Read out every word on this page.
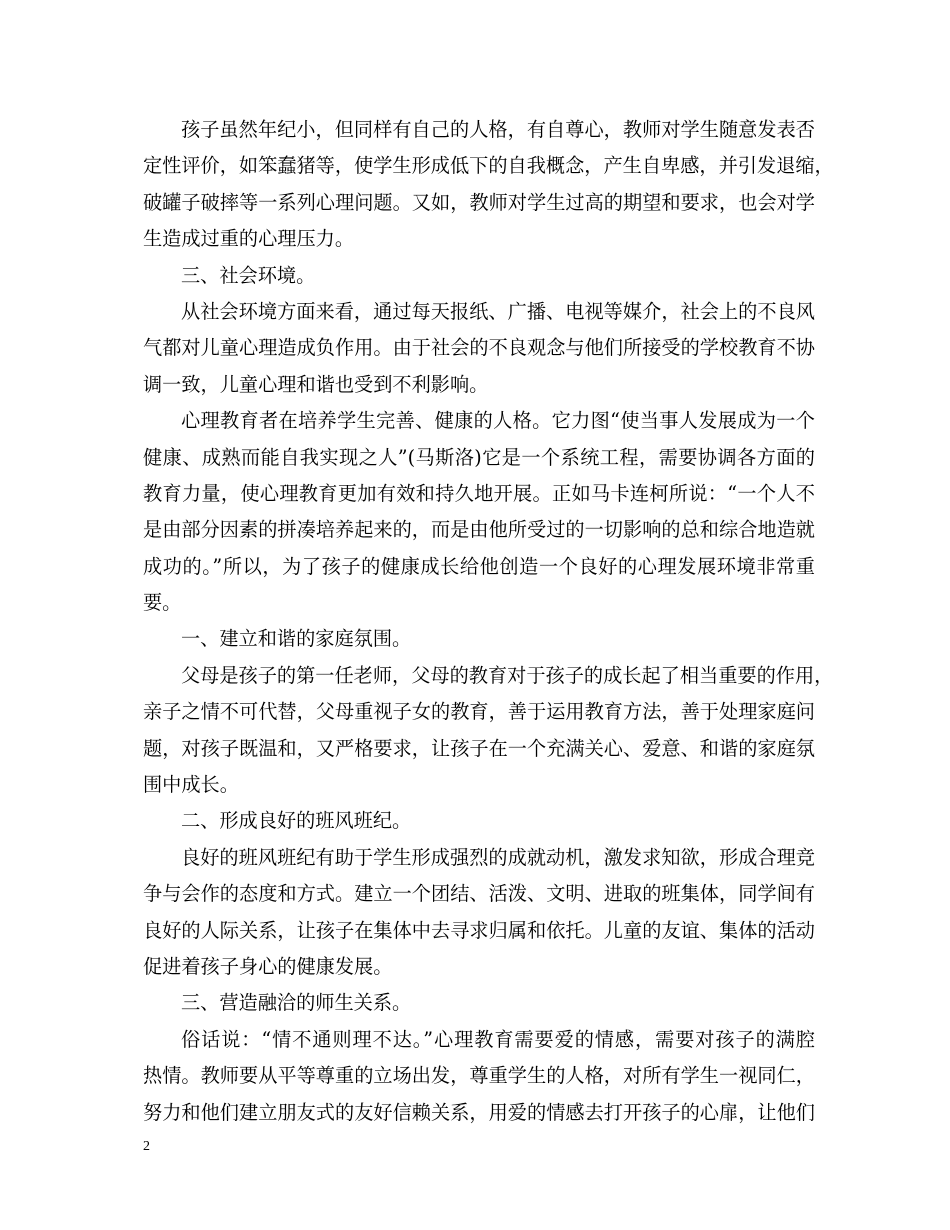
孩子虽然年纪小，但同样有自己的人格，有自尊心，教师对学生随意发表否
定性评价，如笨蠢猪等，使学生形成低下的自我概念，产生自卑感，并引发退缩，
破罐子破摔等一系列心理问题。又如，教师对学生过高的期望和要求，也会对学
生造成过重的心理压力。
三、社会环境。
从社会环境方面来看，通过每天报纸、广播、电视等媒介，社会上的不良风
气都对儿童心理造成负作用。由于社会的不良观念与他们所接受的学校教育不协
调一致，儿童心理和谐也受到不利影响。
心理教育者在培养学生完善、健康的人格。它力图“使当事人发展成为一个
健康、成熟而能自我实现之人”(马斯洛)它是一个系统工程，需要协调各方面的
教育力量，使心理教育更加有效和持久地开展。正如马卡连柯所说：“一个人不
是由部分因素的拼凑培养起来的，而是由他所受过的一切影响的总和综合地造就
成功的。”所以，为了孩子的健康成长给他创造一个良好的心理发展环境非常重
要。
一、建立和谐的家庭氛围。
父母是孩子的第一任老师，父母的教育对于孩子的成长起了相当重要的作用，
亲子之情不可代替，父母重视子女的教育，善于运用教育方法，善于处理家庭问
题，对孩子既温和，又严格要求，让孩子在一个充满关心、爱意、和谐的家庭氛
围中成长。
二、形成良好的班风班纪。
良好的班风班纪有助于学生形成强烈的成就动机，激发求知欲，形成合理竞
争与会作的态度和方式。建立一个团结、活泼、文明、进取的班集体，同学间有
良好的人际关系，让孩子在集体中去寻求归属和依托。儿童的友谊、集体的活动
促进着孩子身心的健康发展。
三、营造融洽的师生关系。
俗话说：“情不通则理不达。”心理教育需要爱的情感，需要对孩子的满腔
热情。教师要从平等尊重的立场出发，尊重学生的人格，对所有学生一视同仁，
努力和他们建立朋友式的友好信赖关系，用爱的情感去打开孩子的心扉，让他们
2
